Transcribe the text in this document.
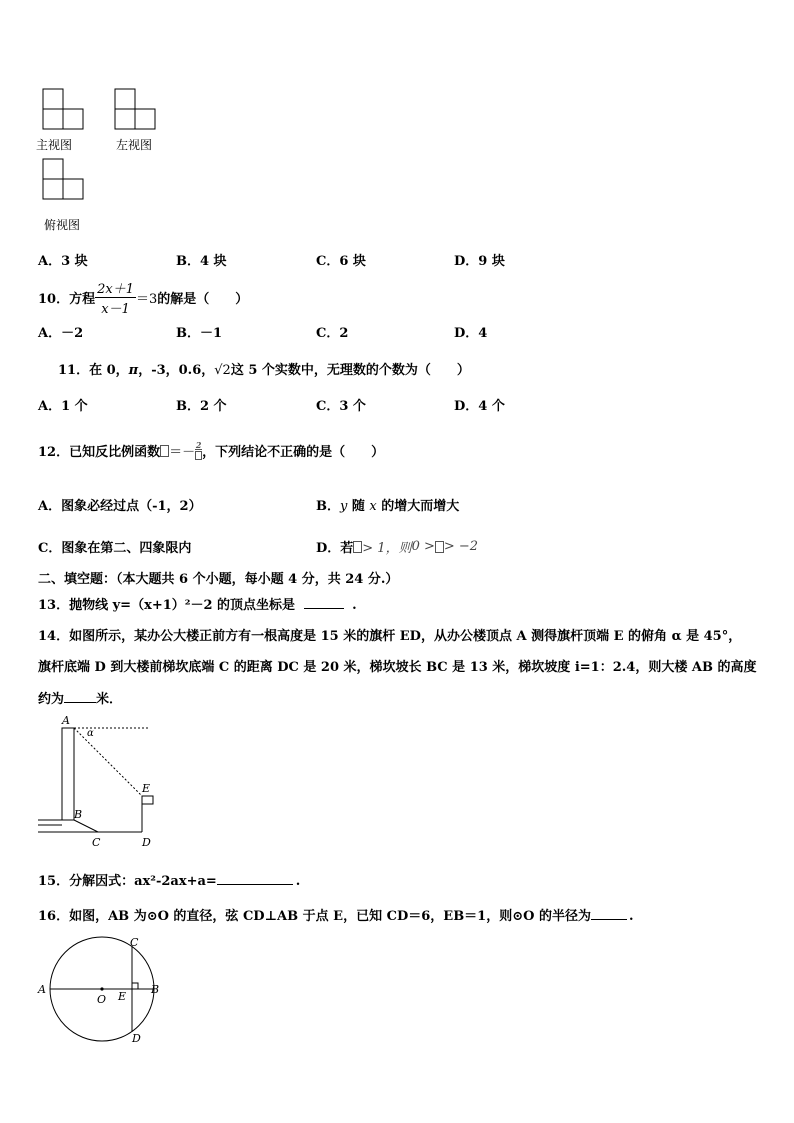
主视图	左视图
俯视图
A．3 块	B．4 块	C．6 块	D．9 块
10．方程 $\frac{2x+1}{x-1} =3$ 的解是（　　）
A．－2	B．－1	C．2	D．4
11．在 0，π，-3，0.6，√2这 5 个实数中，无理数的个数为（　　）
A．1 个	B．2 个	C．3 个	D．4 个
12．已知反比例函数 ＝－ 2 ，下列结论不正确的是（　　）
A．图象必经过点（-1，2）	B．y 随 x 的增大而增大
C．图象在第二、四象限内	D．若 > 1，则 0 > > −2
二、填空题：（本大题共 6 个小题，每小题 4 分，共 24 分.）
13．抛物线 y=（x+1）²－2 的顶点坐标是	.
14．如图所示，某办公大楼正前方有一根高度是 15 米的旗杆 ED，从办公楼顶点 A 测得旗杆顶端 E 的俯角 α 是 45°，
旗杆底端 D 到大楼前梯坎底端 C 的距离 DC 是 20 米，梯坎坡长 BC 是 13 米，梯坎坡度 i=1：2.4，则大楼 AB 的高度
约为 米．
A
α
E
B
C	D
15．分解因式：ax²-2ax+a=	.
16．如图，AB 为⊙O 的直径，弦 CD⊥AB 于点 E，已知 CD＝6，EB＝1，则⊙O 的半径为	.
A
O E
B
C
D
